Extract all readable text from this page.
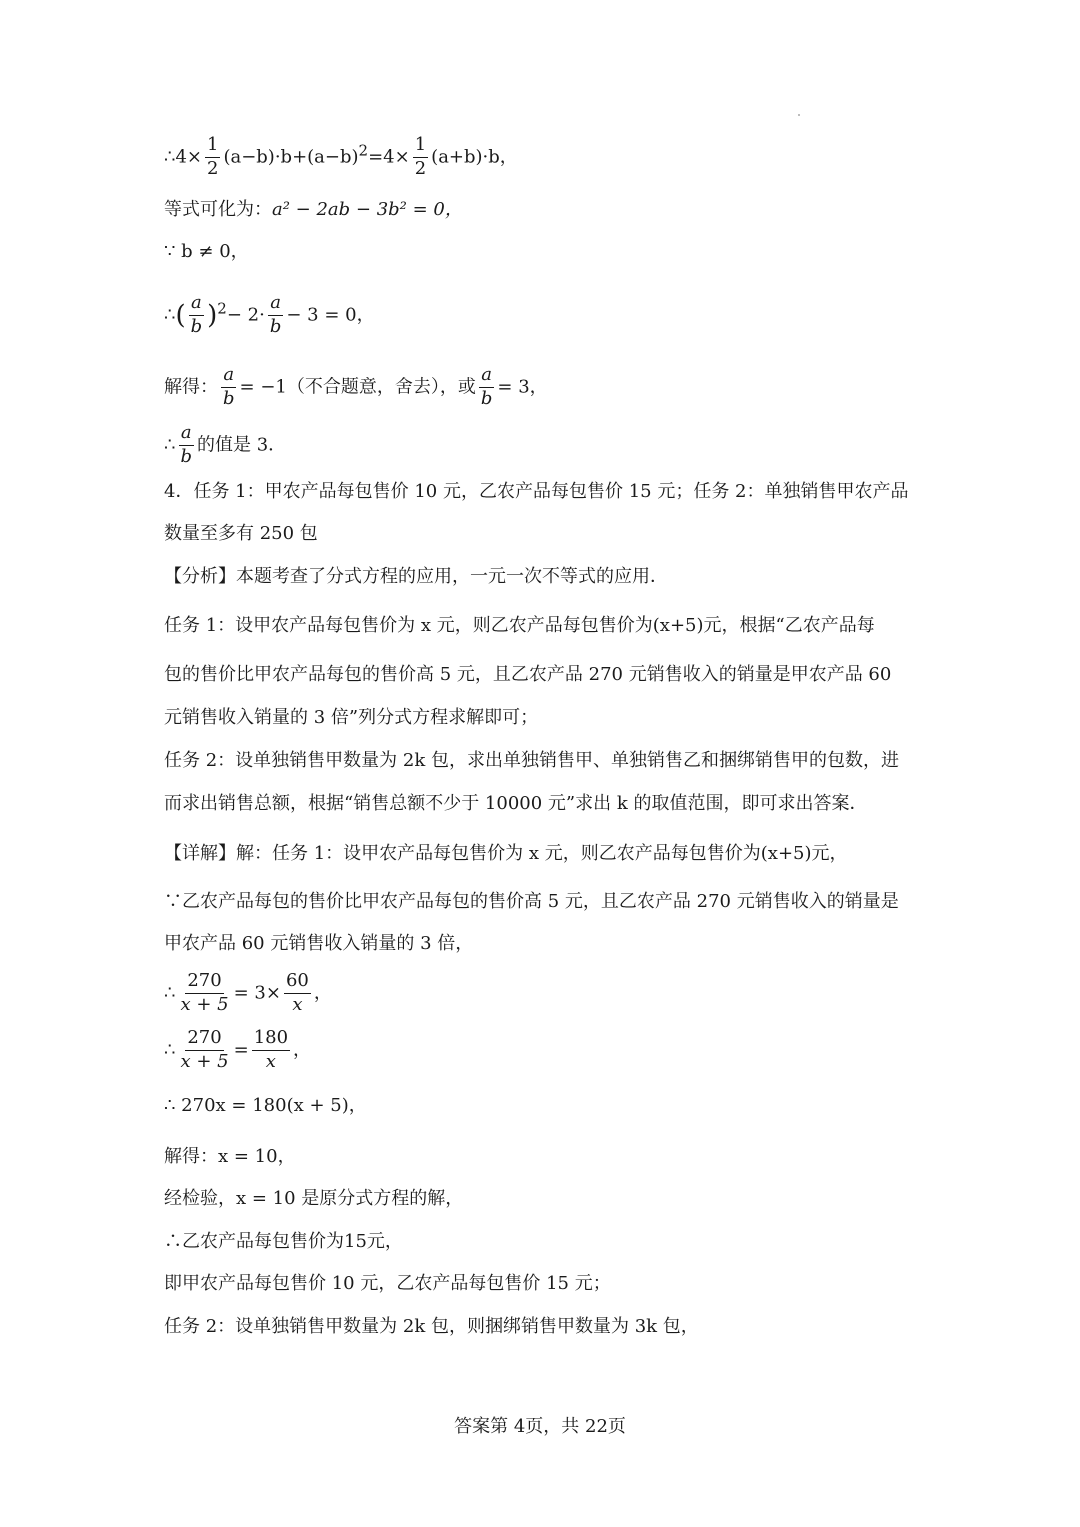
∴4× $\frac{1}{2} (a-b)\cdot b+(a-b)^2=4\times \frac{1}{2} (a+b)\cdot b$，
等式可化为：a² − 2ab − 3b² = 0，
∵ b ≠ 0，
∴( $\frac{a}{b} )^2- 2\cdot \frac{a}{b} - 3 = 0$，
解得： $\frac{a}{b} = -1$（不合题意，舍去），或 $\frac{a}{b} = 3$，
∴ $\frac{a}{b}$ 的值是 3．
4．任务 1：甲农产品每包售价 10 元，乙农产品每包售价 15 元；任务 2：单独销售甲农产品
数量至多有 250 包
【分析】本题考查了分式方程的应用，一元一次不等式的应用．
任务 1：设甲农产品每包售价为 x 元，则乙农产品每包售价为(x+5)元，根据“乙农产品每
包的售价比甲农产品每包的售价高 5 元，且乙农产品 270 元销售收入的销量是甲农产品 60
元销售收入销量的 3 倍”列分式方程求解即可；
任务 2：设单独销售甲数量为 2k 包，求出单独销售甲、单独销售乙和捆绑销售甲的包数，进
而求出销售总额，根据“销售总额不少于 10000 元”求出 k 的取值范围，即可求出答案．
【详解】解：任务 1：设甲农产品每包售价为 x 元，则乙农产品每包售价为(x+5)元，
∵乙农产品每包的售价比甲农产品每包的售价高 5 元，且乙农产品 270 元销售收入的销量是
甲农产品 60 元销售收入销量的 3 倍，
∴ $\frac{270}{x + 5} = 3\times \frac{60}{x}$ ，
∴ $\frac{270}{x + 5} = \frac{180}{x}$ ，
∴ 270x = 180(x + 5)，
解得：x = 10，
经检验，x = 10 是原分式方程的解，
∴乙农产品每包售价为15元，
即甲农产品每包售价 10 元，乙农产品每包售价 15 元；
任务 2：设单独销售甲数量为 2k 包，则捆绑销售甲数量为 3k 包，
答案第 4页，共 22页
